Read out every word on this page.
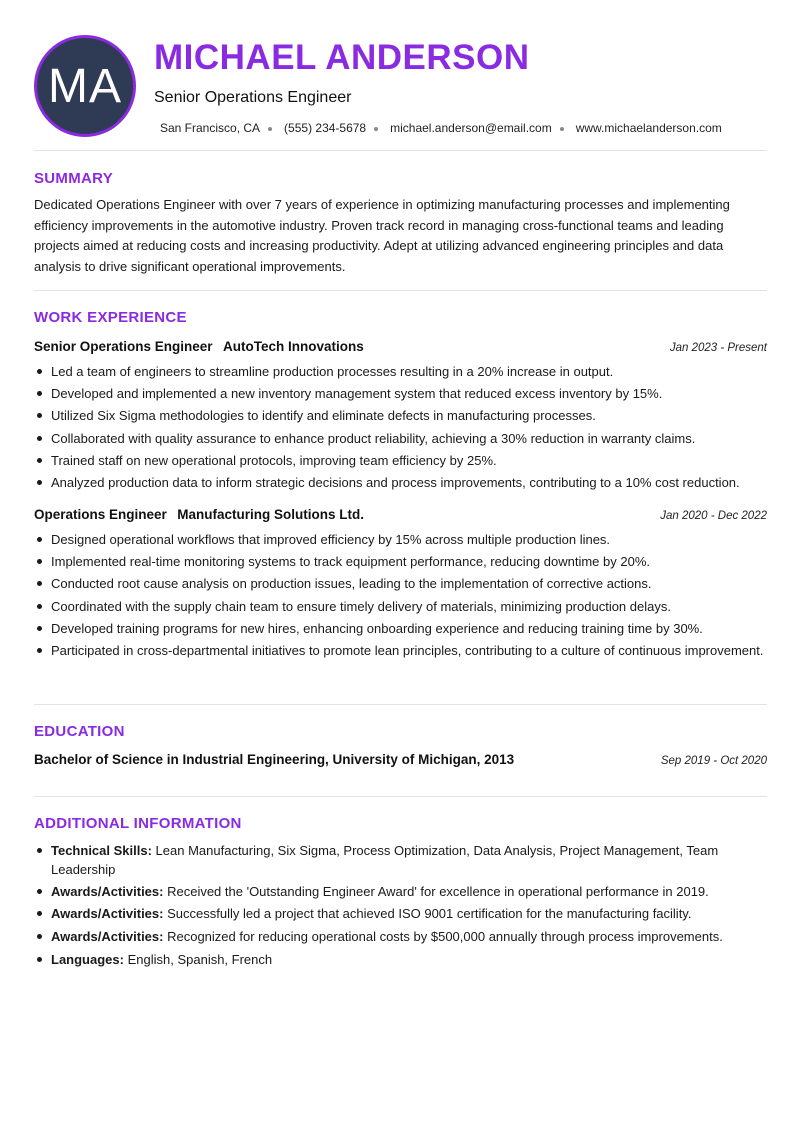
MA
MICHAEL ANDERSON
Senior Operations Engineer
San Francisco, CA (555) 234-5678 michael.anderson@email.com www.michaelanderson.com
SUMMARY
Dedicated Operations Engineer with over 7 years of experience in optimizing manufacturing processes and implementing efficiency improvements in the automotive industry. Proven track record in managing cross-functional teams and leading projects aimed at reducing costs and increasing productivity. Adept at utilizing advanced engineering principles and data analysis to drive significant operational improvements.
WORK EXPERIENCE
Senior Operations Engineer AutoTech Innovations	Jan 2023 - Present
Led a team of engineers to streamline production processes resulting in a 20% increase in output.
Developed and implemented a new inventory management system that reduced excess inventory by 15%.
Utilized Six Sigma methodologies to identify and eliminate defects in manufacturing processes.
Collaborated with quality assurance to enhance product reliability, achieving a 30% reduction in warranty claims.
Trained staff on new operational protocols, improving team efficiency by 25%.
Analyzed production data to inform strategic decisions and process improvements, contributing to a 10% cost reduction.
Operations Engineer Manufacturing Solutions Ltd.	Jan 2020 - Dec 2022
Designed operational workflows that improved efficiency by 15% across multiple production lines.
Implemented real-time monitoring systems to track equipment performance, reducing downtime by 20%.
Conducted root cause analysis on production issues, leading to the implementation of corrective actions.
Coordinated with the supply chain team to ensure timely delivery of materials, minimizing production delays.
Developed training programs for new hires, enhancing onboarding experience and reducing training time by 30%.
Participated in cross-departmental initiatives to promote lean principles, contributing to a culture of continuous improvement.
EDUCATION
Bachelor of Science in Industrial Engineering, University of Michigan, 2013	Sep 2019 - Oct 2020
ADDITIONAL INFORMATION
Technical Skills: Lean Manufacturing, Six Sigma, Process Optimization, Data Analysis, Project Management, Team Leadership
Awards/Activities: Received the 'Outstanding Engineer Award' for excellence in operational performance in 2019.
Awards/Activities: Successfully led a project that achieved ISO 9001 certification for the manufacturing facility.
Awards/Activities: Recognized for reducing operational costs by $500,000 annually through process improvements.
Languages: English, Spanish, French
